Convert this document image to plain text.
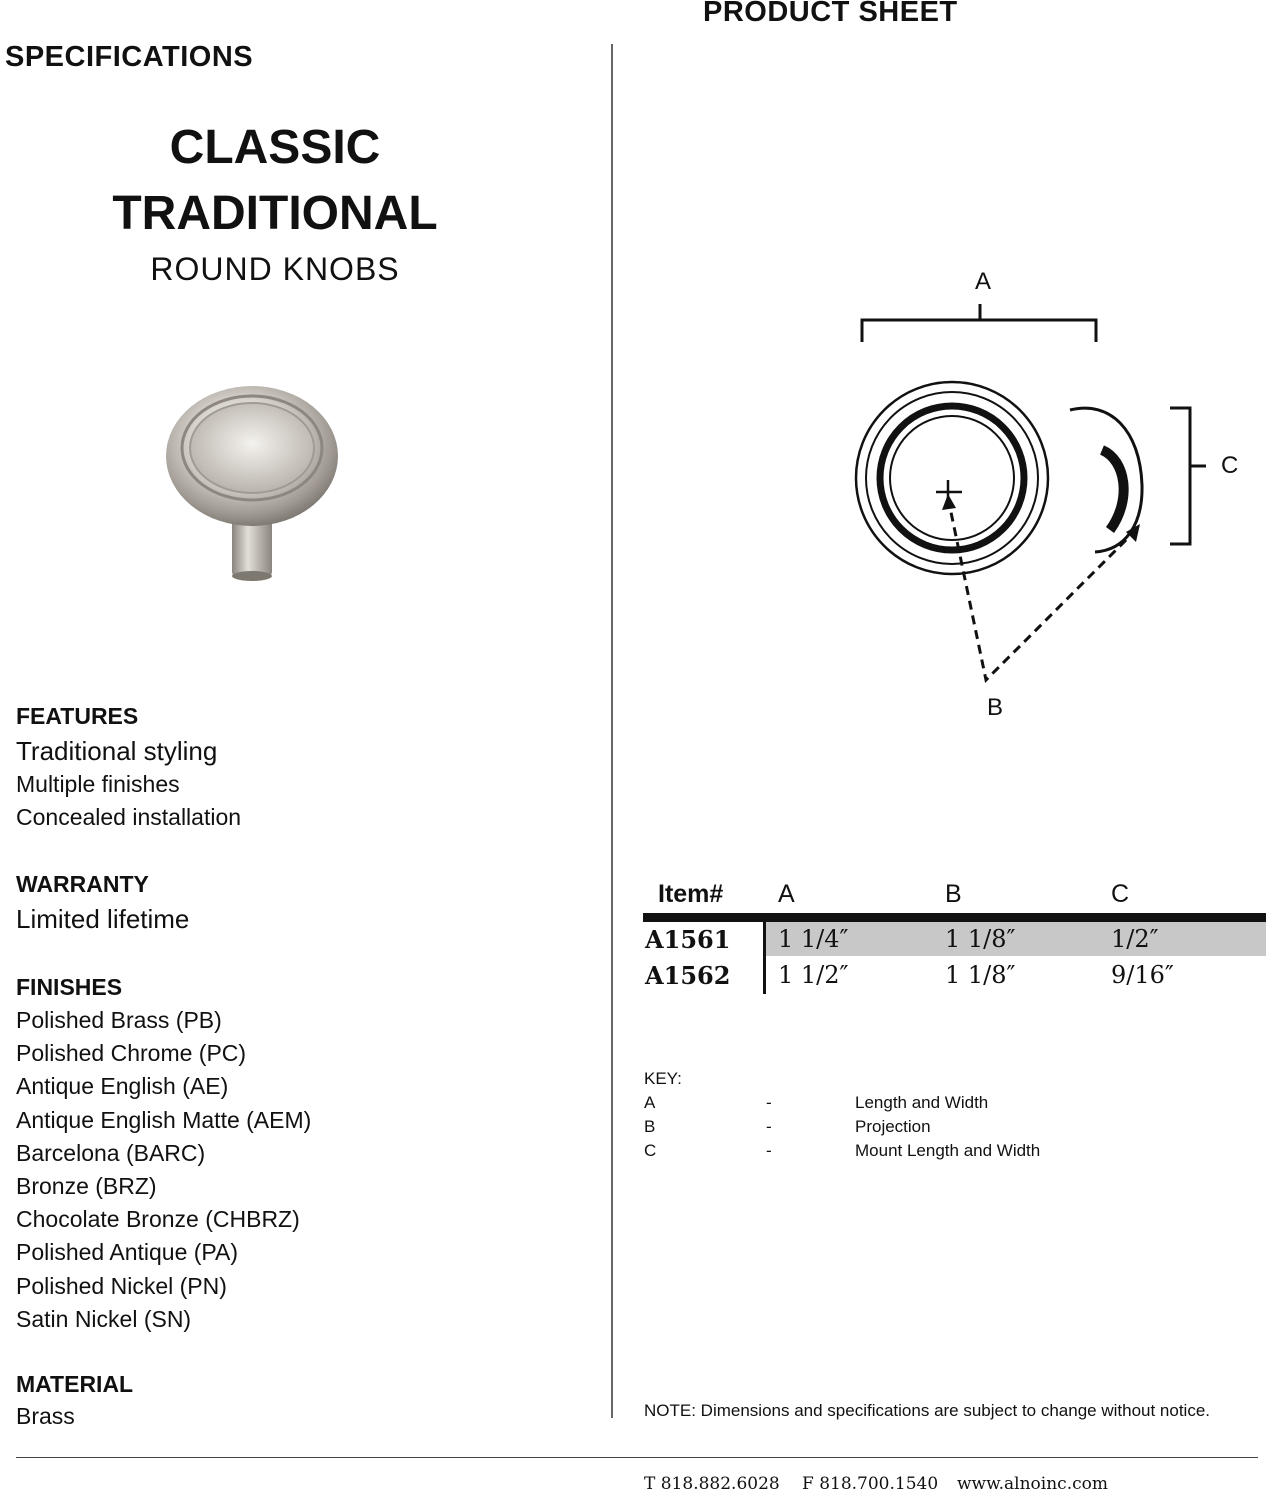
PRODUCT SHEET
SPECIFICATIONS
CLASSIC
TRADITIONAL
ROUND KNOBS
FEATURES
Traditional styling
Multiple finishes
Concealed installation
WARRANTY
Limited lifetime
FINISHES
Polished Brass (PB)
Polished Chrome (PC)
Antique English (AE)
Antique English Matte (AEM)
Barcelona (BARC)
Bronze (BRZ)
Chocolate Bronze (CHBRZ)
Polished Antique (PA)
Polished Nickel (PN)
Satin Nickel (SN)
MATERIAL
Brass
A
C
B
Item# A	B	C
A1561 1 1/4″	1 1/8″	1/2″
A1562 1 1/2″	1 1/8″	9/16″
KEY:
A	-	Length and Width
B	-	Projection
C	-	Mount Length and Width
NOTE: Dimensions and specifications are subject to change without notice.
T 818.882.6028 F 818.700.1540 www.alnoinc.com
